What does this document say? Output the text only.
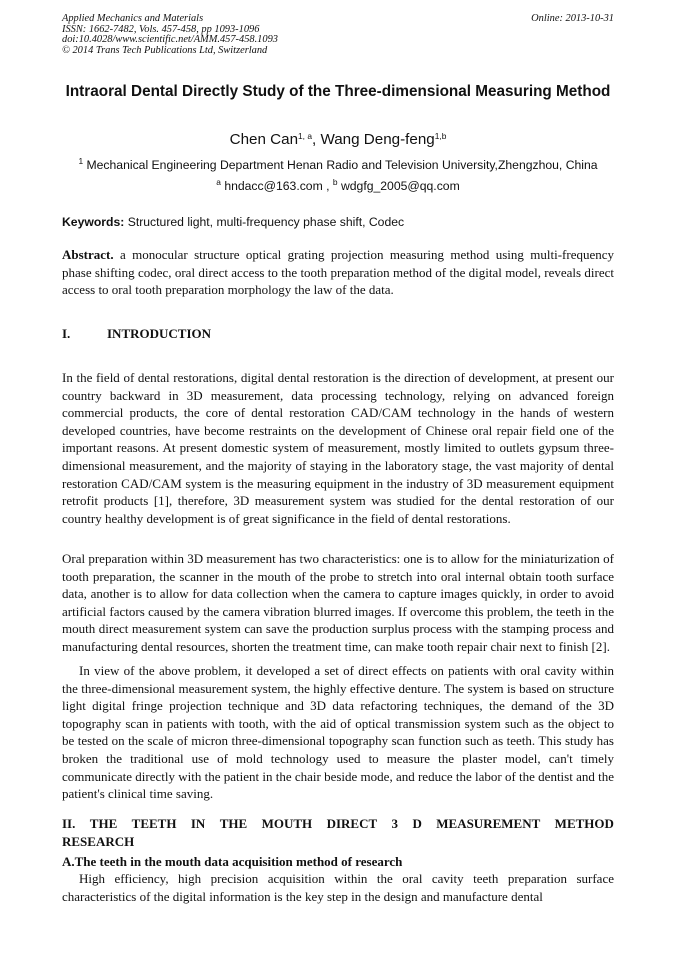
Applied Mechanics and Materials
ISSN: 1662-7482, Vols. 457-458, pp 1093-1096
doi:10.4028/www.scientific.net/AMM.457-458.1093
© 2014 Trans Tech Publications Ltd, Switzerland
Online: 2013-10-31
Intraoral Dental Directly Study of the Three-dimensional Measuring Method
Chen Can$^{1, a}$, Wang Deng-feng$^{1,b}$
$^1$ Mechanical Engineering Department Henan Radio and Television University,Zhengzhou, China
$^a$ hndacc@163.com , $^b$ wdgfg_2005@qq.com
Keywords: Structured light, multi-frequency phase shift, Codec
Abstract. a monocular structure optical grating projection measuring method using multi-frequency phase shifting codec, oral direct access to the tooth preparation method of the digital model, reveals direct access to oral tooth preparation morphology the law of the data.
I.	INTRODUCTION
In the field of dental restorations, digital dental restoration is the direction of development, at present our country backward in 3D measurement, data processing technology, relying on advanced foreign commercial products, the core of dental restoration CAD/CAM technology in the hands of western developed countries, have become restraints on the development of Chinese oral repair field one of the important reasons. At present domestic system of measurement, mostly limited to outlets gypsum three-dimensional measurement, and the majority of staying in the laboratory stage, the vast majority of dental restoration CAD/CAM system is the measuring equipment in the industry of 3D measurement equipment retrofit products [1], therefore, 3D measurement system was studied for the dental restoration of our country healthy development is of great significance in the field of dental restorations.
Oral preparation within 3D measurement has two characteristics: one is to allow for the miniaturization of tooth preparation, the scanner in the mouth of the probe to stretch into oral internal obtain tooth surface data, another is to allow for data collection when the camera to capture images quickly, in order to avoid artificial factors caused by the camera vibration blurred images. If overcome this problem, the teeth in the mouth direct measurement system can save the production surplus process with the stamping process and manufacturing dental resources, shorten the treatment time, can make tooth repair chair next to finish [2].
In view of the above problem, it developed a set of direct effects on patients with oral cavity within the three-dimensional measurement system, the highly effective denture. The system is based on structure light digital fringe projection technique and 3D data refactoring techniques, the demand of the 3D topography scan in patients with tooth, with the aid of optical transmission system such as the object to be tested on the scale of micron three-dimensional topography scan function such as teeth. This study has broken the traditional use of mold technology used to measure the plaster model, can't timely communicate directly with the patient in the chair beside mode, and reduce the labor of the dentist and the patient's clinical time saving.
II. THE TEETH IN THE MOUTH DIRECT 3 D MEASUREMENT METHOD
RESEARCH
A.The teeth in the mouth data acquisition method of research
High efficiency, high precision acquisition within the oral cavity teeth preparation surface characteristics of the digital information is the key step in the design and manufacture dental
